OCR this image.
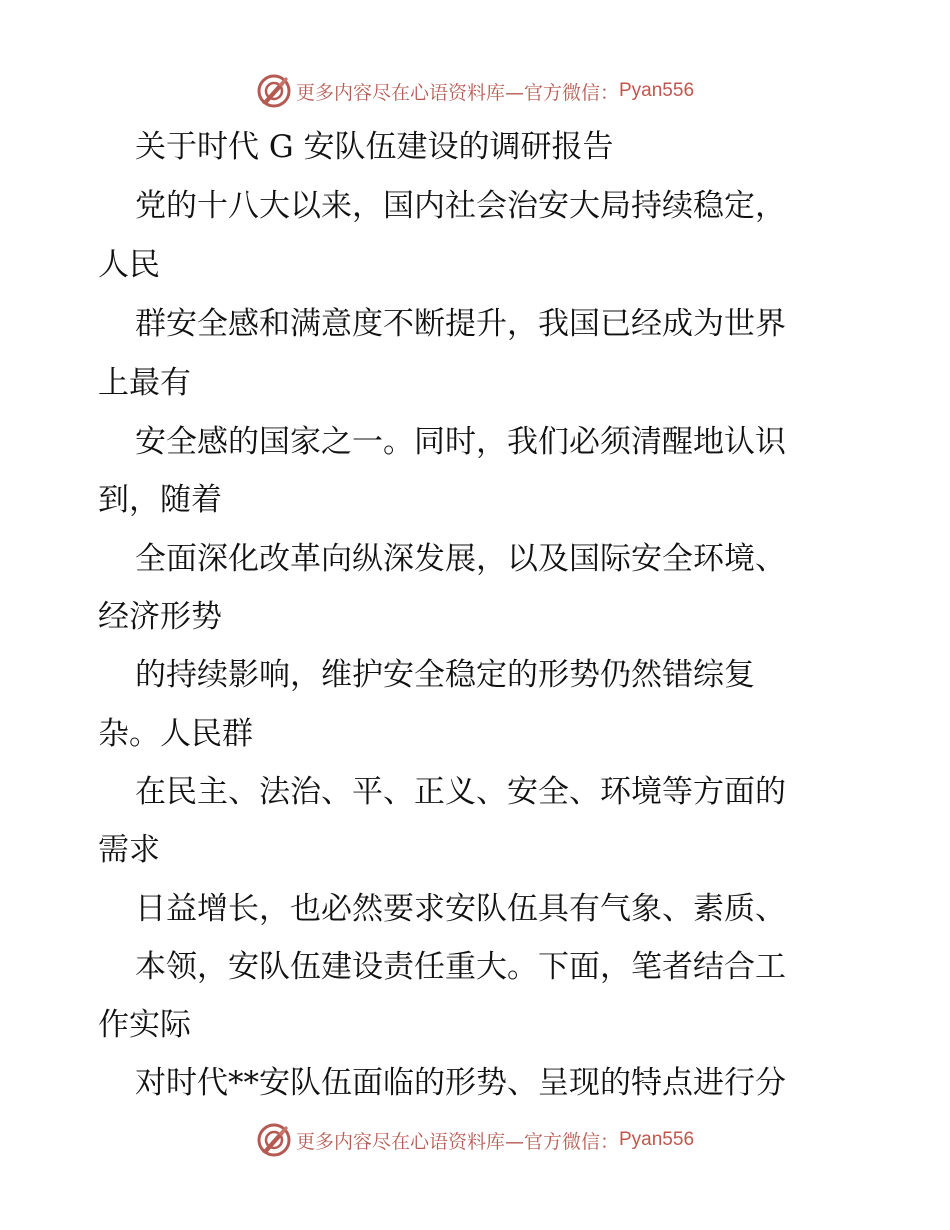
更多内容尽在心语资料库—官方微信： Pyan556
关于时代 G 安队伍建设的调研报告
党的十八大以来，国内社会治安大局持续稳定，
人民
群安全感和满意度不断提升，我国已经成为世界
上最有
安全感的国家之一。同时，我们必须清醒地认识
到，随着
全面深化改革向纵深发展，以及国际安全环境、
经济形势
的持续影响，维护安全稳定的形势仍然错综复
杂。人民群
在民主、法治、平、正义、安全、环境等方面的
需求
日益增长，也必然要求安队伍具有气象、素质、
本领，安队伍建设责任重大。下面，笔者结合工
作实际
对时代**安队伍面临的形势、呈现的特点进行分
更多内容尽在心语资料库—官方微信： Pyan556
